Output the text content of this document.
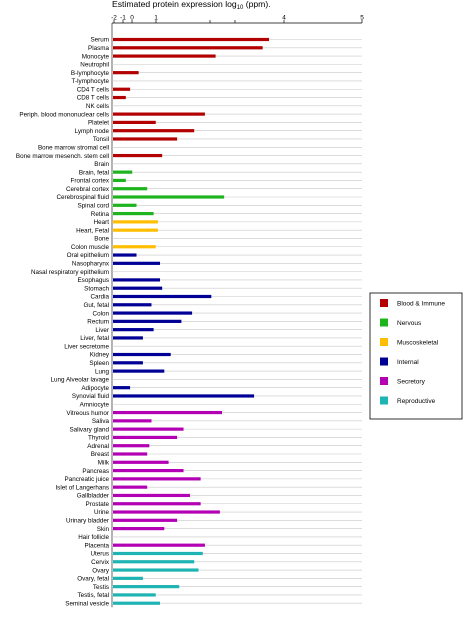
Estimated protein expression $\log_{10} (ppm)$.
-2 -1 0	1	4	5
Serum
Plasma
Monocyte
Neutrophil
B-lymphocyte
T-lymphocyte
CD4 T cells
CD8 T cells
NK cells
Periph. blood mononuclear cells
Platelet
Lymph node
Tonsil
Bone marrow stromal cell
Bone marrow mesench. stem cell
Brain
Brain, fetal
Frontal cortex
Cerebral cortex
Cerebrospinal fluid
Spinal cord
Retina
Heart
Heart, Fetal
Bone
Colon muscle
Oral epithelium
Nasopharynx
Nasal respiratory epithelium
Esophagus
Stomach
Cardia
Gut, fetal
Colon
Rectum
Liver
Liver, fetal
Liver secretome
Kidney
Spleen
Lung
Lung Alveolar lavage
Adipocyte
Synovial fluid
Amniocyte
Vitreous humor
Saliva
Salivary gland
Thyroid
Adrenal
Breast
Milk
Pancreas
Pancreatic juice
Islet of Langerhans
Gallbladder
Prostate
Urine
Urinary bladder
Skin
Hair follicle
Placenta
Uterus
Cervix
Ovary
Ovary, fetal
Testis
Testis, fetal
Seminal vesicle
Blood & Immune
Nervous
Muscoskeletal
Internal
Secretory
Reproductive
